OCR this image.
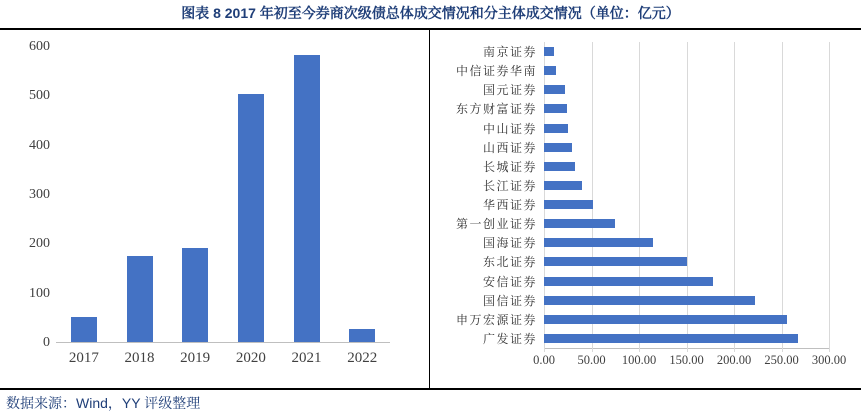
图表 8 2017 年初至今券商次级债总体成交情况和分主体成交情况（单位：亿元）
0
100
200
300
400
500
600
2017	2018	2019	2020	2021	2022
南京证券
中信证券华南
国元证券
东方财富证券
中山证券
山西证券
长城证券
长江证券
华西证券
第一创业证券
国海证券
东北证券
安信证券
国信证券
申万宏源证券
广发证券
0.00 50.00 100.00 150.00 200.00 250.00 300.00
数据来源：Wind，YY 评级整理
